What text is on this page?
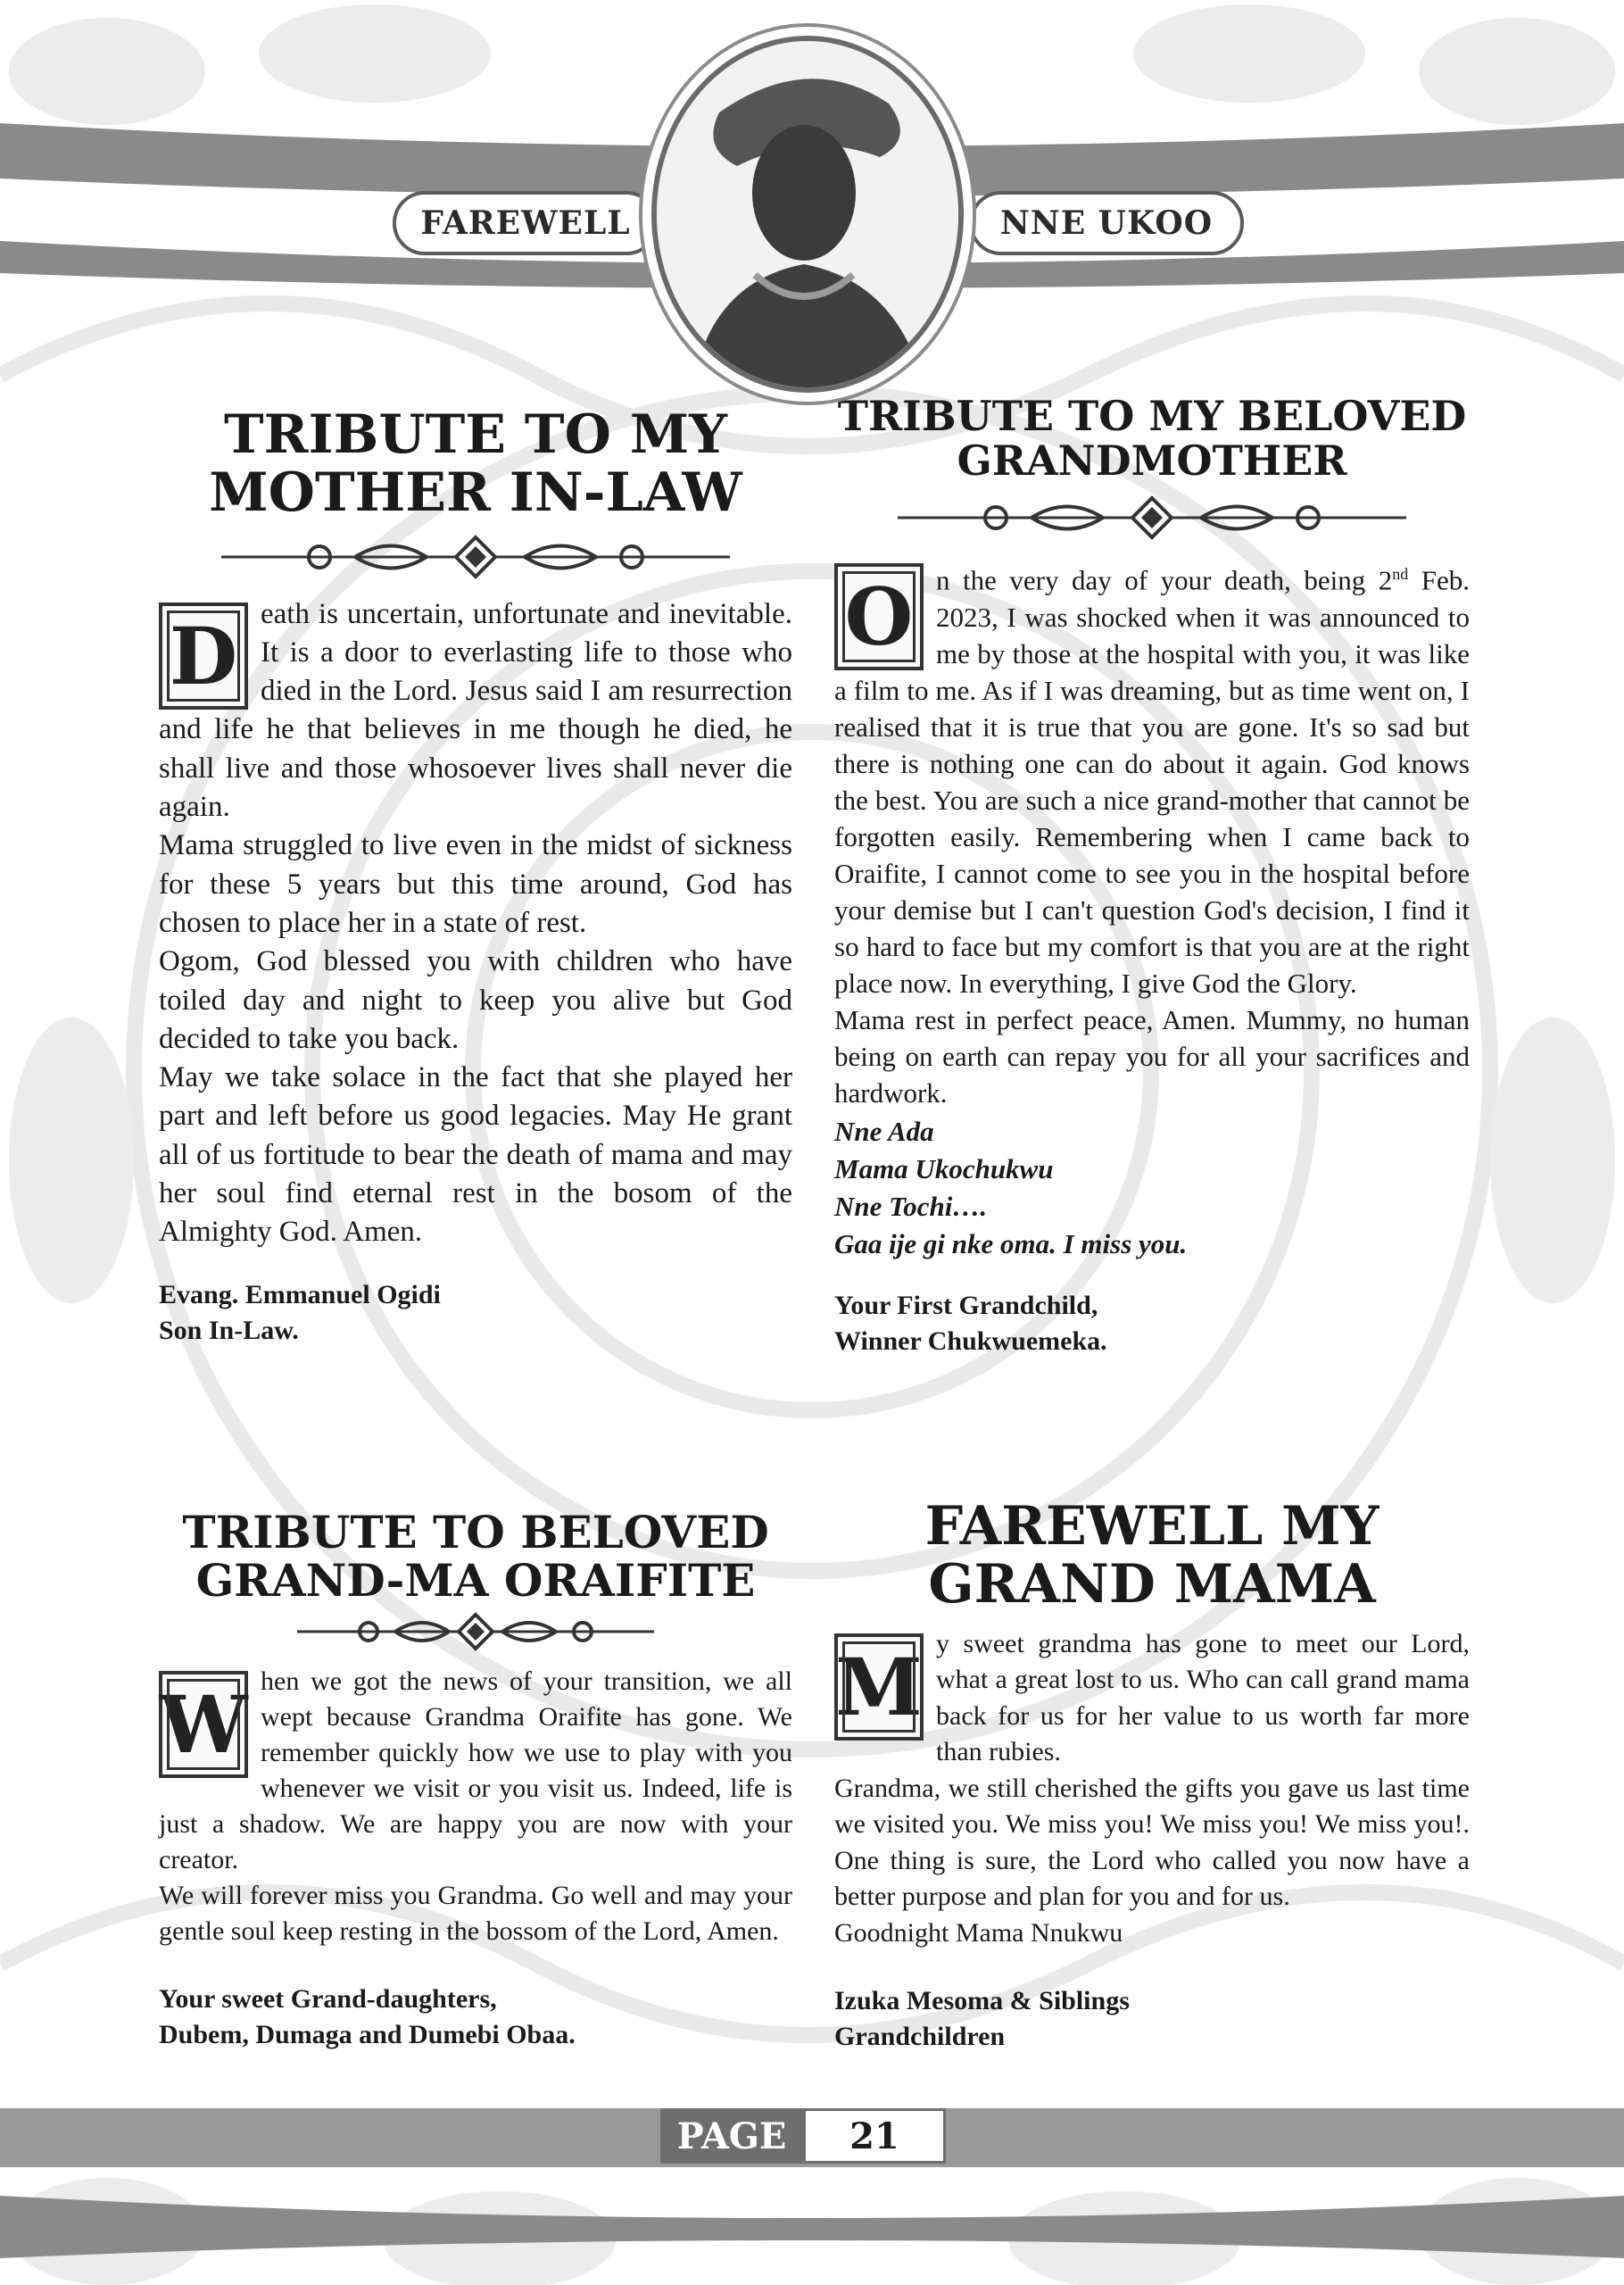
FAREWELL	NNE UKOO
TRIBUTE TO MY
MOTHER IN-LAW
D eath is uncertain, unfortunate and inevitable. It is a door to everlasting life to those who died in the Lord. Jesus said I am resurrection and life he that believes in me though he died, he shall live and those whosoever lives shall never die again.

Mama struggled to live even in the midst of sickness for these 5 years but this time around, God has chosen to place her in a state of rest.

Ogom, God blessed you with children who have toiled day and night to keep you alive but God decided to take you back.

May we take solace in the fact that she played her part and left before us good legacies. May He grant all of us fortitude to bear the death of mama and may her soul find eternal rest in the bosom of the Almighty God. Amen.

Evang. Emmanuel Ogidi
Son In-Law.
TRIBUTE TO MY BELOVED
GRANDMOTHER
O n the very day of your death, being 2nd Feb. 2023, I was shocked when it was announced to me by those at the hospital with you, it was like a film to me. As if I was dreaming, but as time went on, I realised that it is true that you are gone. It's so sad but there is nothing one can do about it again. God knows the best. You are such a nice grand-mother that cannot be forgotten easily. Remembering when I came back to Oraifite, I cannot come to see you in the hospital before your demise but I can't question God's decision, I find it so hard to face but my comfort is that you are at the right place now. In everything, I give God the Glory.

Mama rest in perfect peace, Amen. Mummy, no human being on earth can repay you for all your sacrifices and hardwork.

Nne Ada
Mama Ukochukwu
Nne Tochi….
Gaa ije gi nke oma. I miss you.
Your First Grandchild,
Winner Chukwuemeka.
TRIBUTE TO BELOVED
GRAND-MA ORAIFITE
W hen we got the news of your transition, we all wept because Grandma Oraifite has gone. We remember quickly how we use to play with you whenever we visit or you visit us. Indeed, life is just a shadow. We are happy you are now with your creator.

We will forever miss you Grandma. Go well and may your gentle soul keep resting in the bossom of the Lord, Amen.

Your sweet Grand-daughters,
Dubem, Dumaga and Dumebi Obaa.
FAREWELL MY
GRAND MAMA
M y sweet grandma has gone to meet our Lord, what a great lost to us. Who can call grand mama back for us for her value to us worth far more than rubies.

Grandma, we still cherished the gifts you gave us last time we visited you. We miss you! We miss you! We miss you!. One thing is sure, the Lord who called you now have a better purpose and plan for you and for us.

Goodnight Mama Nnukwu

Izuka Mesoma & Siblings
Grandchildren
PAGE	21
